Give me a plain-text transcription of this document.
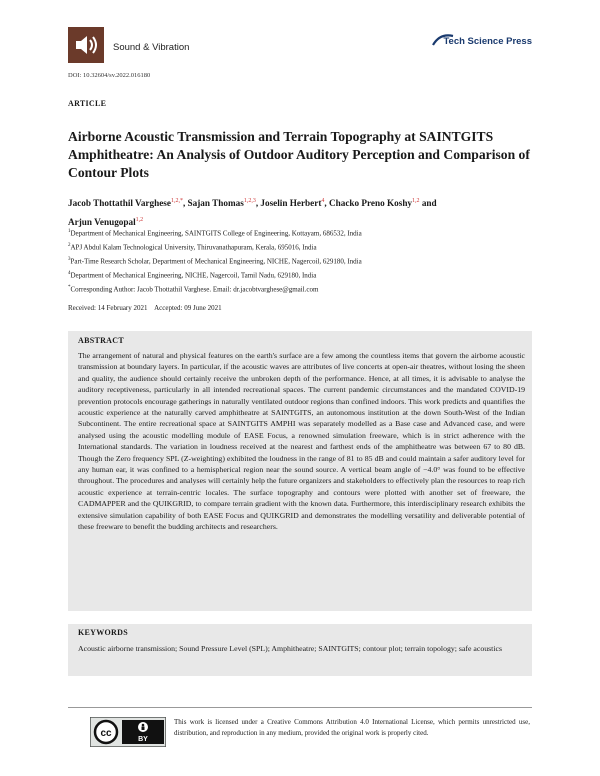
Sound & Vibration
Tech Science Press
DOI: 10.32604/sv.2022.016180
ARTICLE
Airborne Acoustic Transmission and Terrain Topography at SAINTGITS Amphitheatre: An Analysis of Outdoor Auditory Perception and Comparison of Contour Plots
Jacob Thottathil Varghese$^{1,2,*}$, Sajan Thomas$^{1,2,3}$, Joselin Herbert$^4$, Chacko Preno Koshy$^{1,2}$ and
Arjun Venugopal$^{1,2}$
$^1$Department of Mechanical Engineering, SAINTGITS College of Engineering, Kottayam, 686532, India
$^2$APJ Abdul Kalam Technological University, Thiruvanathapuram, Kerala, 695016, India
$^3$Part-Time Research Scholar, Department of Mechanical Engineering, NICHE, Nagercoil, 629180, India
$^4$Department of Mechanical Engineering, NICHE, Nagercoil, Tamil Nadu, 629180, India
*Corresponding Author: Jacob Thottathil Varghese. Email: dr.jacobtvarghese@gmail.com
Received: 14 February 2021    Accepted: 09 June 2021
ABSTRACT
The arrangement of natural and physical features on the earth's surface are a few among the countless items that govern the airborne acoustic transmission at boundary layers. In particular, if the acoustic waves are attributes of live concerts at open-air theatres, without losing the sheen and quality, the audience should certainly receive the unbroken depth of the performance. Hence, at all times, it is advisable to analyse the auditory receptiveness, particularly in all intended recreational spaces. The current pandemic circumstances and the mandated COVID-19 prevention protocols encourage gatherings in naturally ventilated outdoor regions than confined indoors. This work predicts and quantifies the acoustic experience at the naturally carved amphitheatre at SAINTGITS, an autonomous institution at the down South-West of the Indian Subcontinent. The entire recreational space at SAINTGITS AMPHI was separately modelled as a Base case and Advanced case, and were analysed using the acoustic modelling module of EASE Focus, a renowned simulation freeware, which is in strict adherence with the International standards. The variation in loudness received at the nearest and farthest ends of the amphitheatre was between 67 to 80 dB. Though the Zero frequency SPL (Z-weighting) exhibited the loudness in the range of 81 to 85 dB and could maintain a safer auditory level for any human ear, it was confined to a hemispherical region near the sound source. A vertical beam angle of −4.0° was found to be effective throughout. The procedures and analyses will certainly help the future organizers and stakeholders to effectively plan the resources to reap rich acoustic experience at terrain-centric locales. The surface topography and contours were plotted with another set of freeware, the CADMAPPER and the QUIKGRID, to compare terrain gradient with the known data. Furthermore, this interdisciplinary research exhibits the extensive simulation capability of both EASE Focus and QUIKGRID and demonstrates the modelling versatility and deliverable potential of these freeware to benefit the budding architects and researchers.
KEYWORDS
Acoustic airborne transmission; Sound Pressure Level (SPL); Amphitheatre; SAINTGITS; contour plot; terrain topology; safe acoustics
cc
BY
This work is licensed under a Creative Commons Attribution 4.0 International License, which permits unrestricted use, distribution, and reproduction in any medium, provided the original work is properly cited.
